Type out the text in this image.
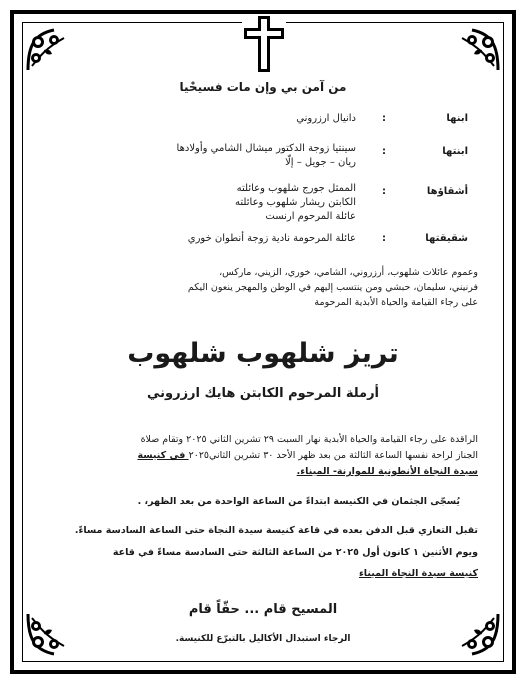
من آمن بي وإن مات فسيحْيا
ابنها
:
دانيال ارزروني
ابنتها
:
سينتيا زوجة الدكتور ميشال الشامي وأولادها
ريان – جويل – إلّا
أشقاؤها
:
الممثل جورج شلهوب وعائلته
الكابتن ريشار شلهوب وعائلته
عائلة المرحوم ارنست
شقيقتها
:
عائلة المرحومة نادية زوجة أنطوان خوري
وعموم عائلات شلهوب، أرزروني، الشامي، خوري، الزيني، ماركس،
فرنيني، سليمان، حبشي ومن ينتسب إليهم في الوطن والمهجر ينعون اليكم
على رجاء القيامة والحياة الأبدية المرحومة
تريز شلهوب شلهوب
أرملة المرحوم الكابتن هايك ارزروني
الراقدة على رجاء القيامة والحياة الأبدية نهار السبت ٢٩ تشرين الثاني ٢٠٢٥ وتقام صلاة
الجناز لراحة نفسها الساعة الثالثة من بعد ظهر الأحد ٣٠ تشرين الثاني٢٠٢٥ في كنيسة
سيدة النجاة الأنطونية للموارنة- الميناء.
يُسجّى الجثمان في الكنيسة ابتداءً من الساعة الواحدة من بعد الظهر، .
تقبل التعازي قبل الدفن بعده في قاعة كنيسة سيدة النجاة حتى الساعة السادسة مساءً.
ويوم الأثنين ١ كانون أول ٢٠٢٥ من الساعة الثالثة حتى السادسة مساءً في قاعة
كنيسة سيدة النجاة الميناء
المسيح قام ... حقّاً قام
الرجاء استبدال الأكاليل بالتبرّع للكنيسة.
